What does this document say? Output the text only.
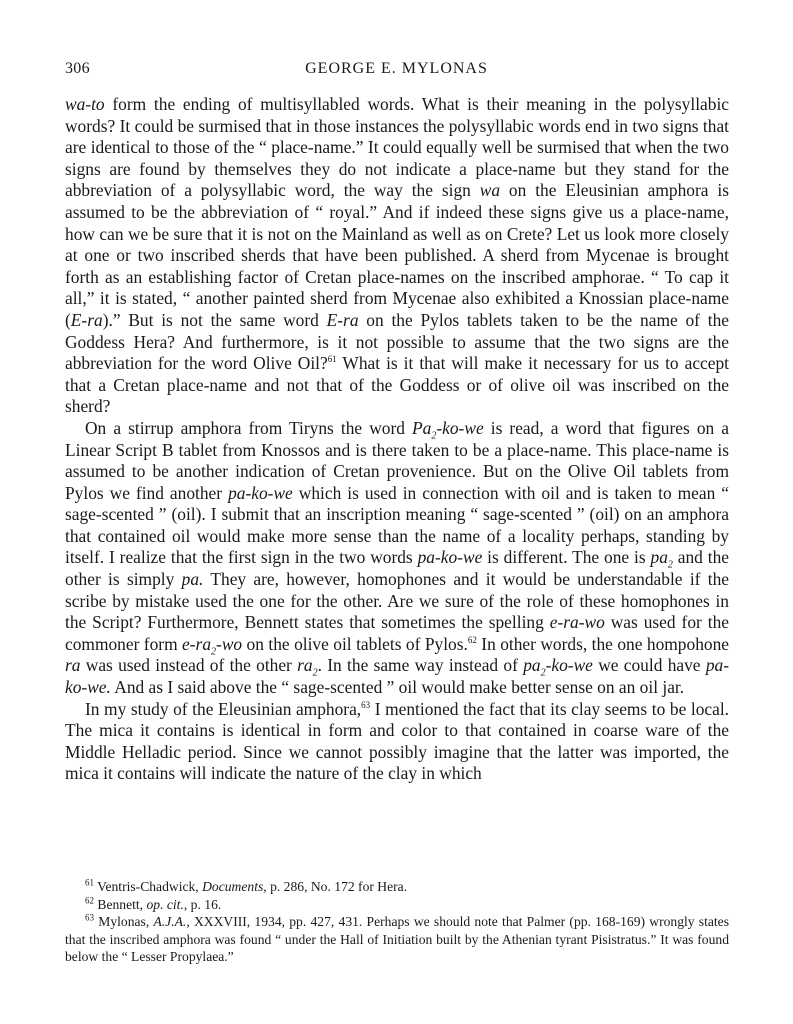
306	GEORGE E. MYLONAS

wa-to form the ending of multisyllabled words. What is their meaning in the polysyllabic words? It could be surmised that in those instances the polysyllabic words end in two signs that are identical to those of the “ place-name.” It could equally well be surmised that when the two signs are found by themselves they do not indicate a place-name but they stand for the abbreviation of a polysyllabic word, the way the sign wa on the Eleusinian amphora is assumed to be the abbreviation of “ royal.” And if indeed these signs give us a place-name, how can we be sure that it is not on the Mainland as well as on Crete? Let us look more closely at one or two inscribed sherds that have been published. A sherd from Mycenae is brought forth as an establishing factor of Cretan place-names on the inscribed amphorae. “ To cap it all,” it is stated, “ another painted sherd from Mycenae also exhibited a Knossian place-name (E-ra).” But is not the same word E-ra on the Pylos tablets taken to be the name of the Goddess Hera? And furthermore, is it not possible to assume that the two signs are the abbreviation for the word Olive Oil?$^{61}$ What is it that will make it necessary for us to accept that a Cretan place-name and not that of the Goddess or of olive oil was inscribed on the sherd?

On a stirrup amphora from Tiryns the word $Pa_2-ko-we$ is read, a word that figures on a Linear Script B tablet from Knossos and is there taken to be a place-name. This place-name is assumed to be another indication of Cretan provenience. But on the Olive Oil tablets from Pylos we find another pa-ko-we which is used in connection with oil and is taken to mean “ sage-scented ” (oil). I submit that an inscription meaning “ sage-scented ” (oil) on an amphora that contained oil would make more sense than the name of a locality perhaps, standing by itself. I realize that the first sign in the two words pa-ko-we is different. The one is $pa_2$ and the other is simply pa. They are, however, homophones and it would be understandable if the scribe by mistake used the one for the other. Are we sure of the role of these homophones in the Script? Furthermore, Bennett states that sometimes the spelling e-ra-wo was used for the commoner form $e-ra_2-wo$ on the olive oil tablets of Pylos.$^{62}$ In other words, the one hompohone ra was used instead of the other $ra_2$. In the same way instead of $pa_2-ko-we$ we could have pa-ko-we. And as I said above the “ sage-scented ” oil would make better sense on an oil jar.

In my study of the Eleusinian amphora,$^{63}$ I mentioned the fact that its clay seems to be local. The mica it contains is identical in form and color to that contained in coarse ware of the Middle Helladic period. Since we cannot possibly imagine that the latter was imported, the mica it contains will indicate the nature of the clay in which

$^{61}$ Ventris-Chadwick, Documents, p. 286, No. 172 for Hera.

$^{62}$ Bennett, op. cit., p. 16.

$^{63}$ Mylonas, A.J.A., XXXVIII, 1934, pp. 427, 431. Perhaps we should note that Palmer (pp. 168-169) wrongly states that the inscribed amphora was found “ under the Hall of Initiation built by the Athenian tyrant Pisistratus.” It was found below the “ Lesser Propylaea.”
